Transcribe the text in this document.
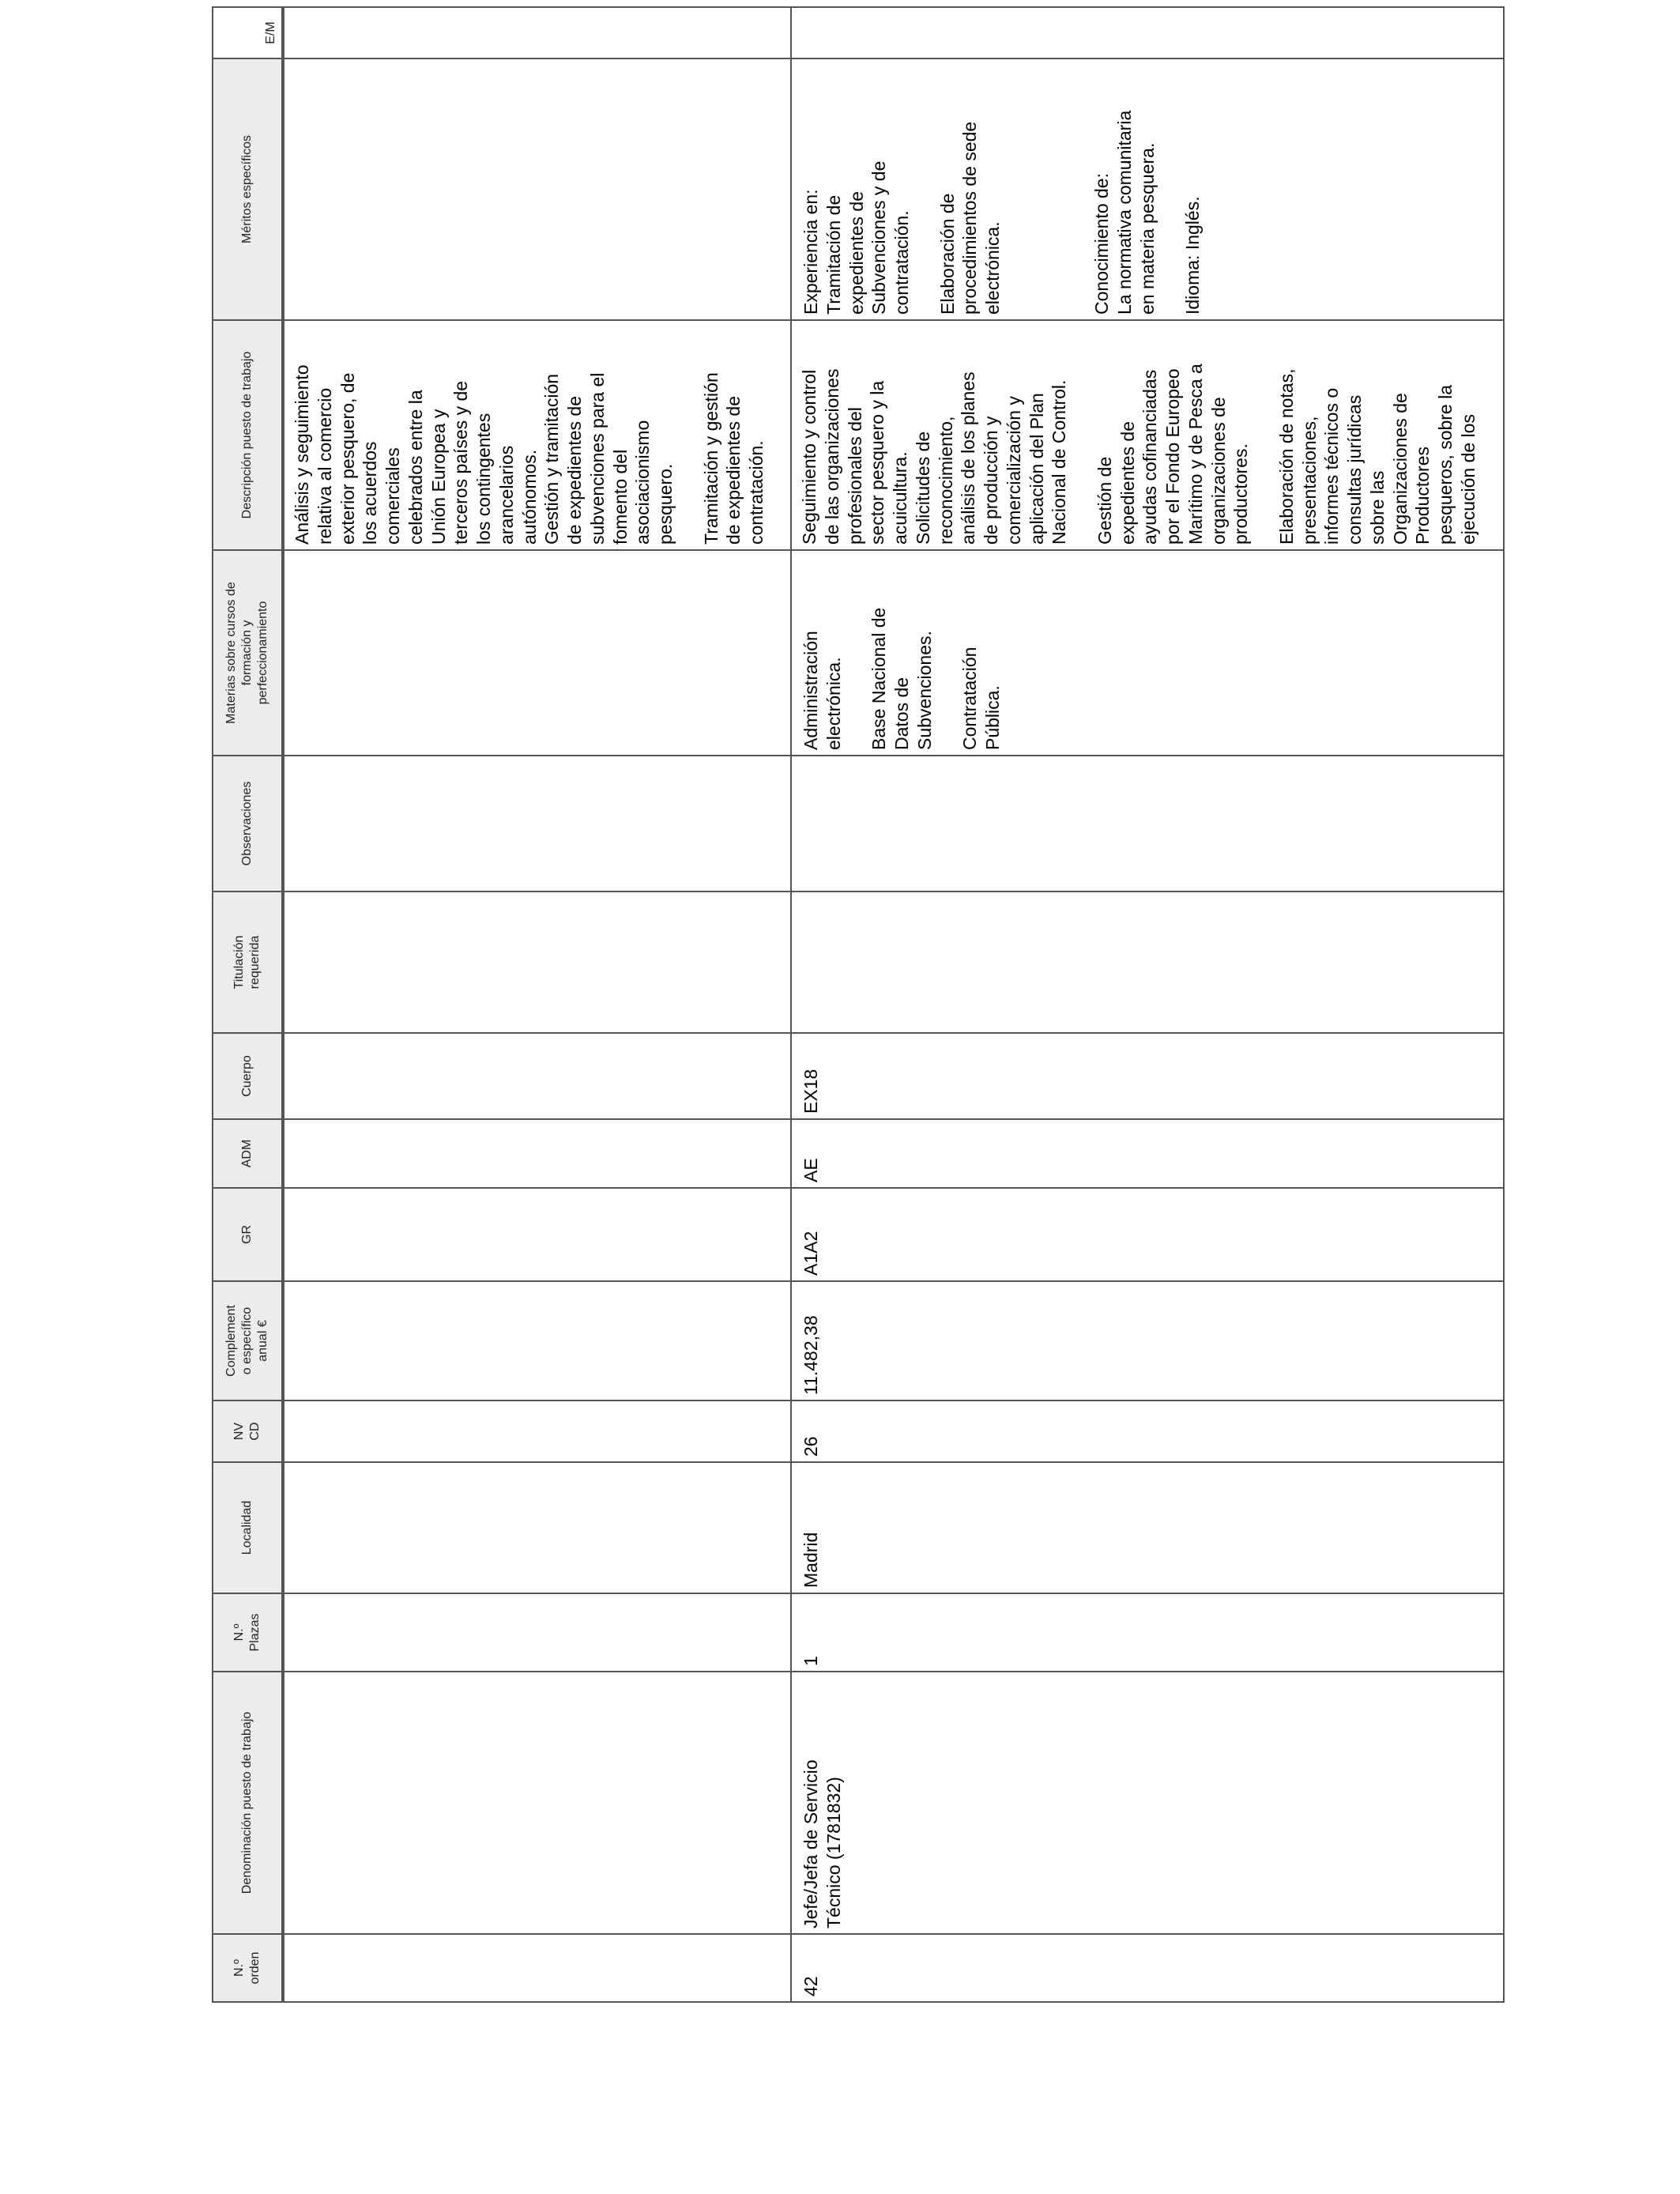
E/M
Méritos específicos
Descripción puesto de trabajo
Materias sobre cursos de
formación y
perfeccionamiento
Observaciones
Titulación
requerida
Cuerpo
ADM
GR
Complement
o específico
anual €
NV
CD
Localidad
N.º
Plazas
Denominación puesto de trabajo
N.º
orden
Análisis y seguimiento
relativa al comercio
exterior pesquero, de
los acuerdos
comerciales
celebrados entre la
Unión Europea y
terceros países y de
los contingentes
arancelarios
autónomos.
Gestión y tramitación
de expedientes de
subvenciones para el
fomento del
asociacionismo
pesquero.

Tramitación y gestión
de expedientes de
contratación.
Experiencia en:
Tramitación de
expedientes de
Subvenciones y de
contratación.

Elaboración de
procedimientos de sede
electrónica.	Conocimiento de:
La normativa comunitaria
en materia pesquera.

Idioma: Inglés.
Seguimiento y control
de las organizaciones
profesionales del
sector pesquero y la
acuicultura.
Solicitudes de
reconocimiento,
análisis de los planes
de producción y
comercialización y
aplicación del Plan
Nacional de Control.

Gestión de
expedientes de
ayudas cofinanciadas
por el Fondo Europeo
Marítimo y de Pesca a
organizaciones de
productores.

Elaboración de notas,
presentaciones,
informes técnicos o
consultas jurídicas
sobre las
Organizaciones de
Productores
pesqueros, sobre la
ejecución de los
Administración
electrónica.

Base Nacional de
Datos de
Subvenciones.

Contratación
Pública.
EX18
AE
A1A2
11.482,38
26
Madrid
1
Jefe/Jefa de Servicio
Técnico (1781832)
42
